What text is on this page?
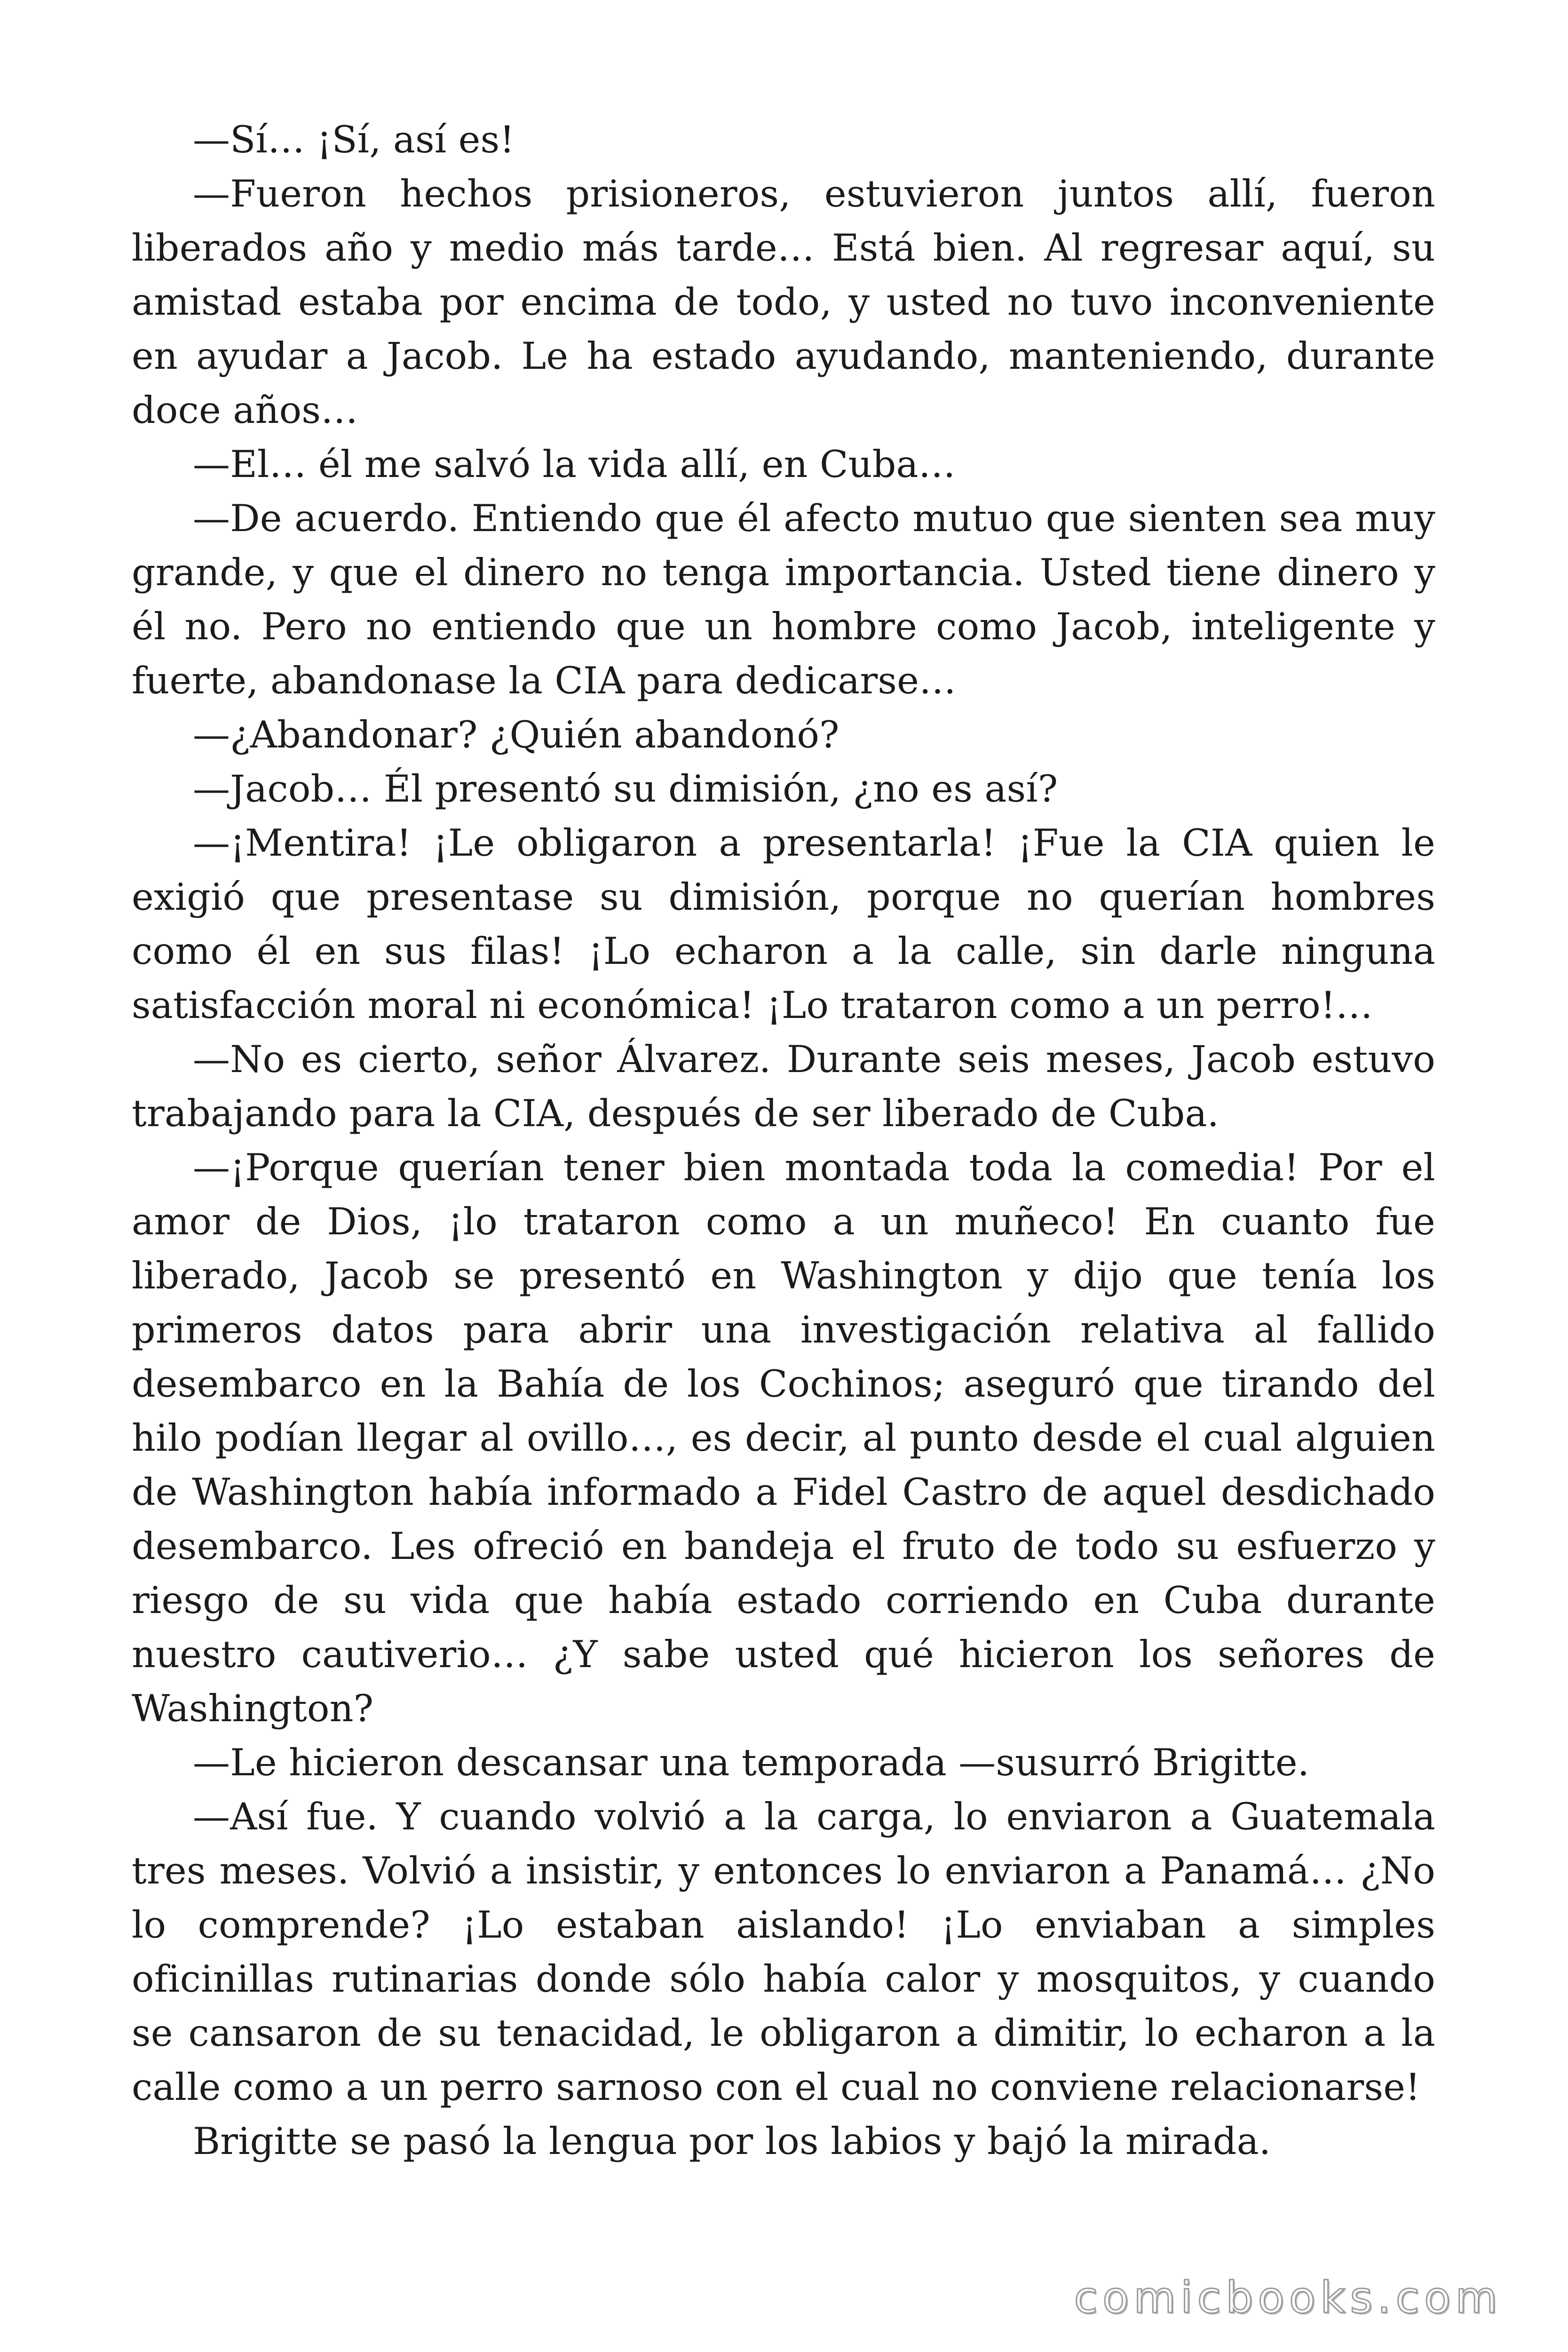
—Sí… ¡Sí, así es!

—Fueron hechos prisioneros, estuvieron juntos allí, fueron liberados año y medio más tarde… Está bien. Al regresar aquí, su amistad estaba por encima de todo, y usted no tuvo inconveniente en ayudar a Jacob. Le ha estado ayudando, manteniendo, durante doce años…

—El… él me salvó la vida allí, en Cuba…

—De acuerdo. Entiendo que él afecto mutuo que sienten sea muy grande, y que el dinero no tenga importancia. Usted tiene dinero y él no. Pero no entiendo que un hombre como Jacob, inteligente y fuerte, abandonase la CIA para dedicarse…

—¿Abandonar? ¿Quién abandonó?

—Jacob… Él presentó su dimisión, ¿no es así?

—¡Mentira! ¡Le obligaron a presentarla! ¡Fue la CIA quien le exigió que presentase su dimisión, porque no querían hombres como él en sus filas! ¡Lo echaron a la calle, sin darle ninguna satisfacción moral ni económica! ¡Lo trataron como a un perro!…

—No es cierto, señor Álvarez. Durante seis meses, Jacob estuvo trabajando para la CIA, después de ser liberado de Cuba.

—¡Porque querían tener bien montada toda la comedia! Por el amor de Dios, ¡lo trataron como a un muñeco! En cuanto fue liberado, Jacob se presentó en Washington y dijo que tenía los primeros datos para abrir una investigación relativa al fallido desembarco en la Bahía de los Cochinos; aseguró que tirando del hilo podían llegar al ovillo…, es decir, al punto desde el cual alguien de Washington había informado a Fidel Castro de aquel desdichado desembarco. Les ofreció en bandeja el fruto de todo su esfuerzo y riesgo de su vida que había estado corriendo en Cuba durante nuestro cautiverio… ¿Y sabe usted qué hicieron los señores de Washington?

—Le hicieron descansar una temporada —susurró Brigitte.

—Así fue. Y cuando volvió a la carga, lo enviaron a Guatemala tres meses. Volvió a insistir, y entonces lo enviaron a Panamá… ¿No lo comprende? ¡Lo estaban aislando! ¡Lo enviaban a simples oficinillas rutinarias donde sólo había calor y mosquitos, y cuando se cansaron de su tenacidad, le obligaron a dimitir, lo echaron a la calle como a un perro sarnoso con el cual no conviene relacionarse!

Brigitte se pasó la lengua por los labios y bajó la mirada.

comicbooks.com
